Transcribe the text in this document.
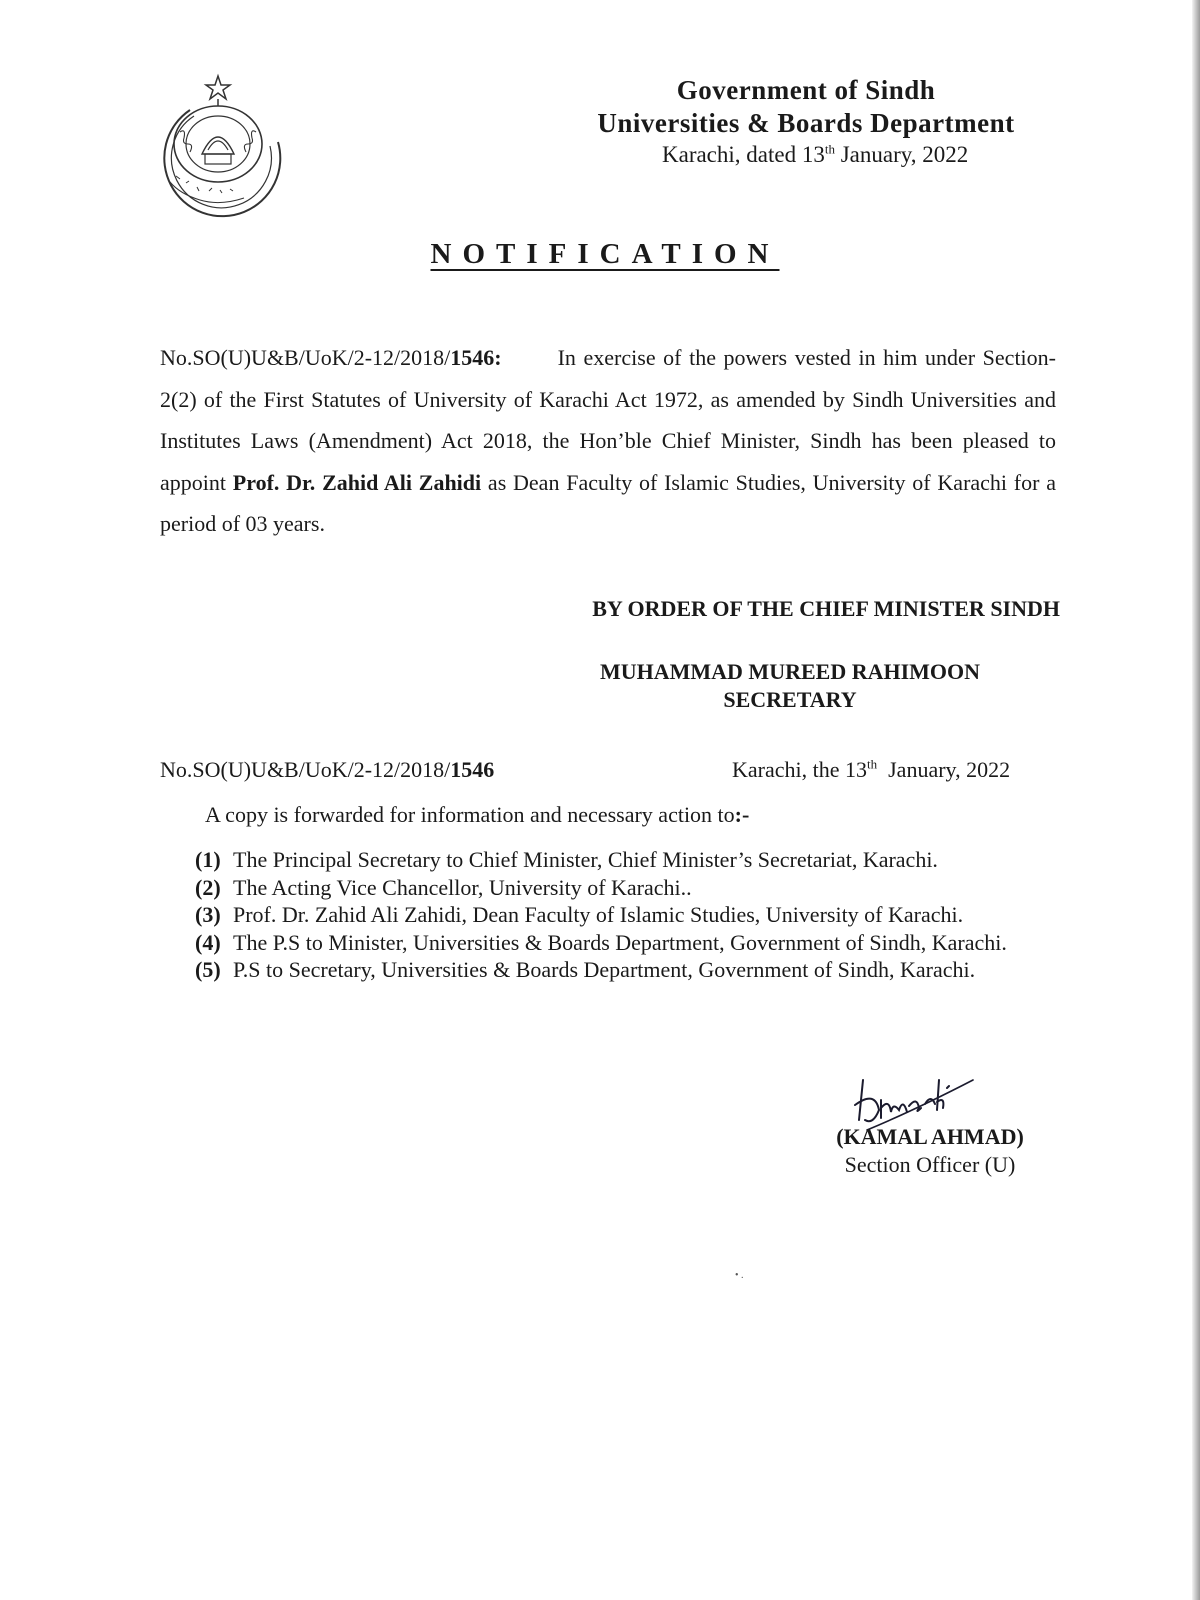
Government of Sindh
Universities & Boards Department
Karachi, dated 13th January, 2022
NOTIFICATION
No.SO(U)U&B/UoK/2-12/2018/1546:	In exercise of the powers vested in him under Section-2(2) of the First Statutes of University of Karachi Act 1972, as amended by Sindh Universities and Institutes Laws (Amendment) Act 2018, the Hon’ble Chief Minister, Sindh has been pleased to appoint Prof. Dr. Zahid Ali Zahidi as Dean Faculty of Islamic Studies, University of Karachi for a period of 03 years.
BY ORDER OF THE CHIEF MINISTER SINDH
MUHAMMAD MUREED RAHIMOON
SECRETARY
No.SO(U)U&B/UoK/2-12/2018/1546	Karachi, the 13th  January, 2022
A copy is forwarded for information and necessary action to:-
(1) The Principal Secretary to Chief Minister, Chief Minister’s Secretariat, Karachi.
(2) The Acting Vice Chancellor, University of Karachi..
(3) Prof. Dr. Zahid Ali Zahidi, Dean Faculty of Islamic Studies, University of Karachi.
(4) The P.S to Minister, Universities & Boards Department, Government of Sindh, Karachi.
(5) P.S to Secretary, Universities & Boards Department, Government of Sindh, Karachi.
(KAMAL AHMAD)
Section Officer (U)
• .
